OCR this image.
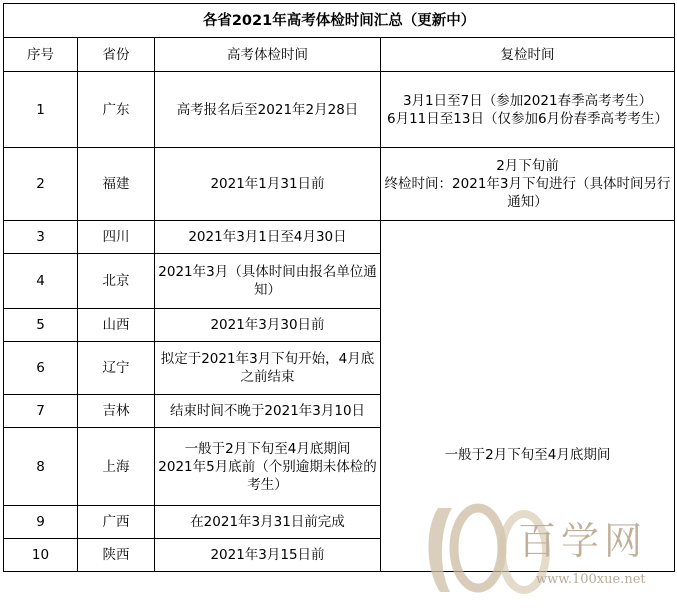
各省2021年高考体检时间汇总（更新中）			
序号	省份	高考体检时间	复检时间
1	广东	高考报名后至2021年2月28日	3月1日至7日（参加2021春季高考考生）
6月11日至13日（仅参加6月份春季高考考生）

2	福建	2021年1月31日前	2月下旬前
终检时间：2021年3月下旬进行（具体时间另行通知）

3	四川	2021年3月1日至4月30日	一般于2月下旬至4月底期间

4	北京	2021年3月（具体时间由报名单位通知）	

5	山西	2021年3月30日前	

6	辽宁	拟定于2021年3月下旬开始，4月底之前结束	

7	吉林	结束时间不晚于2021年3月10日	

8	上海	一般于2月下旬至4月底期间
2021年5月底前（个别逾期未体检的考生）	

9	广西	在2021年3月31日前完成	

10	陕西	2021年3月15日前		百学网
www.100xue.net
